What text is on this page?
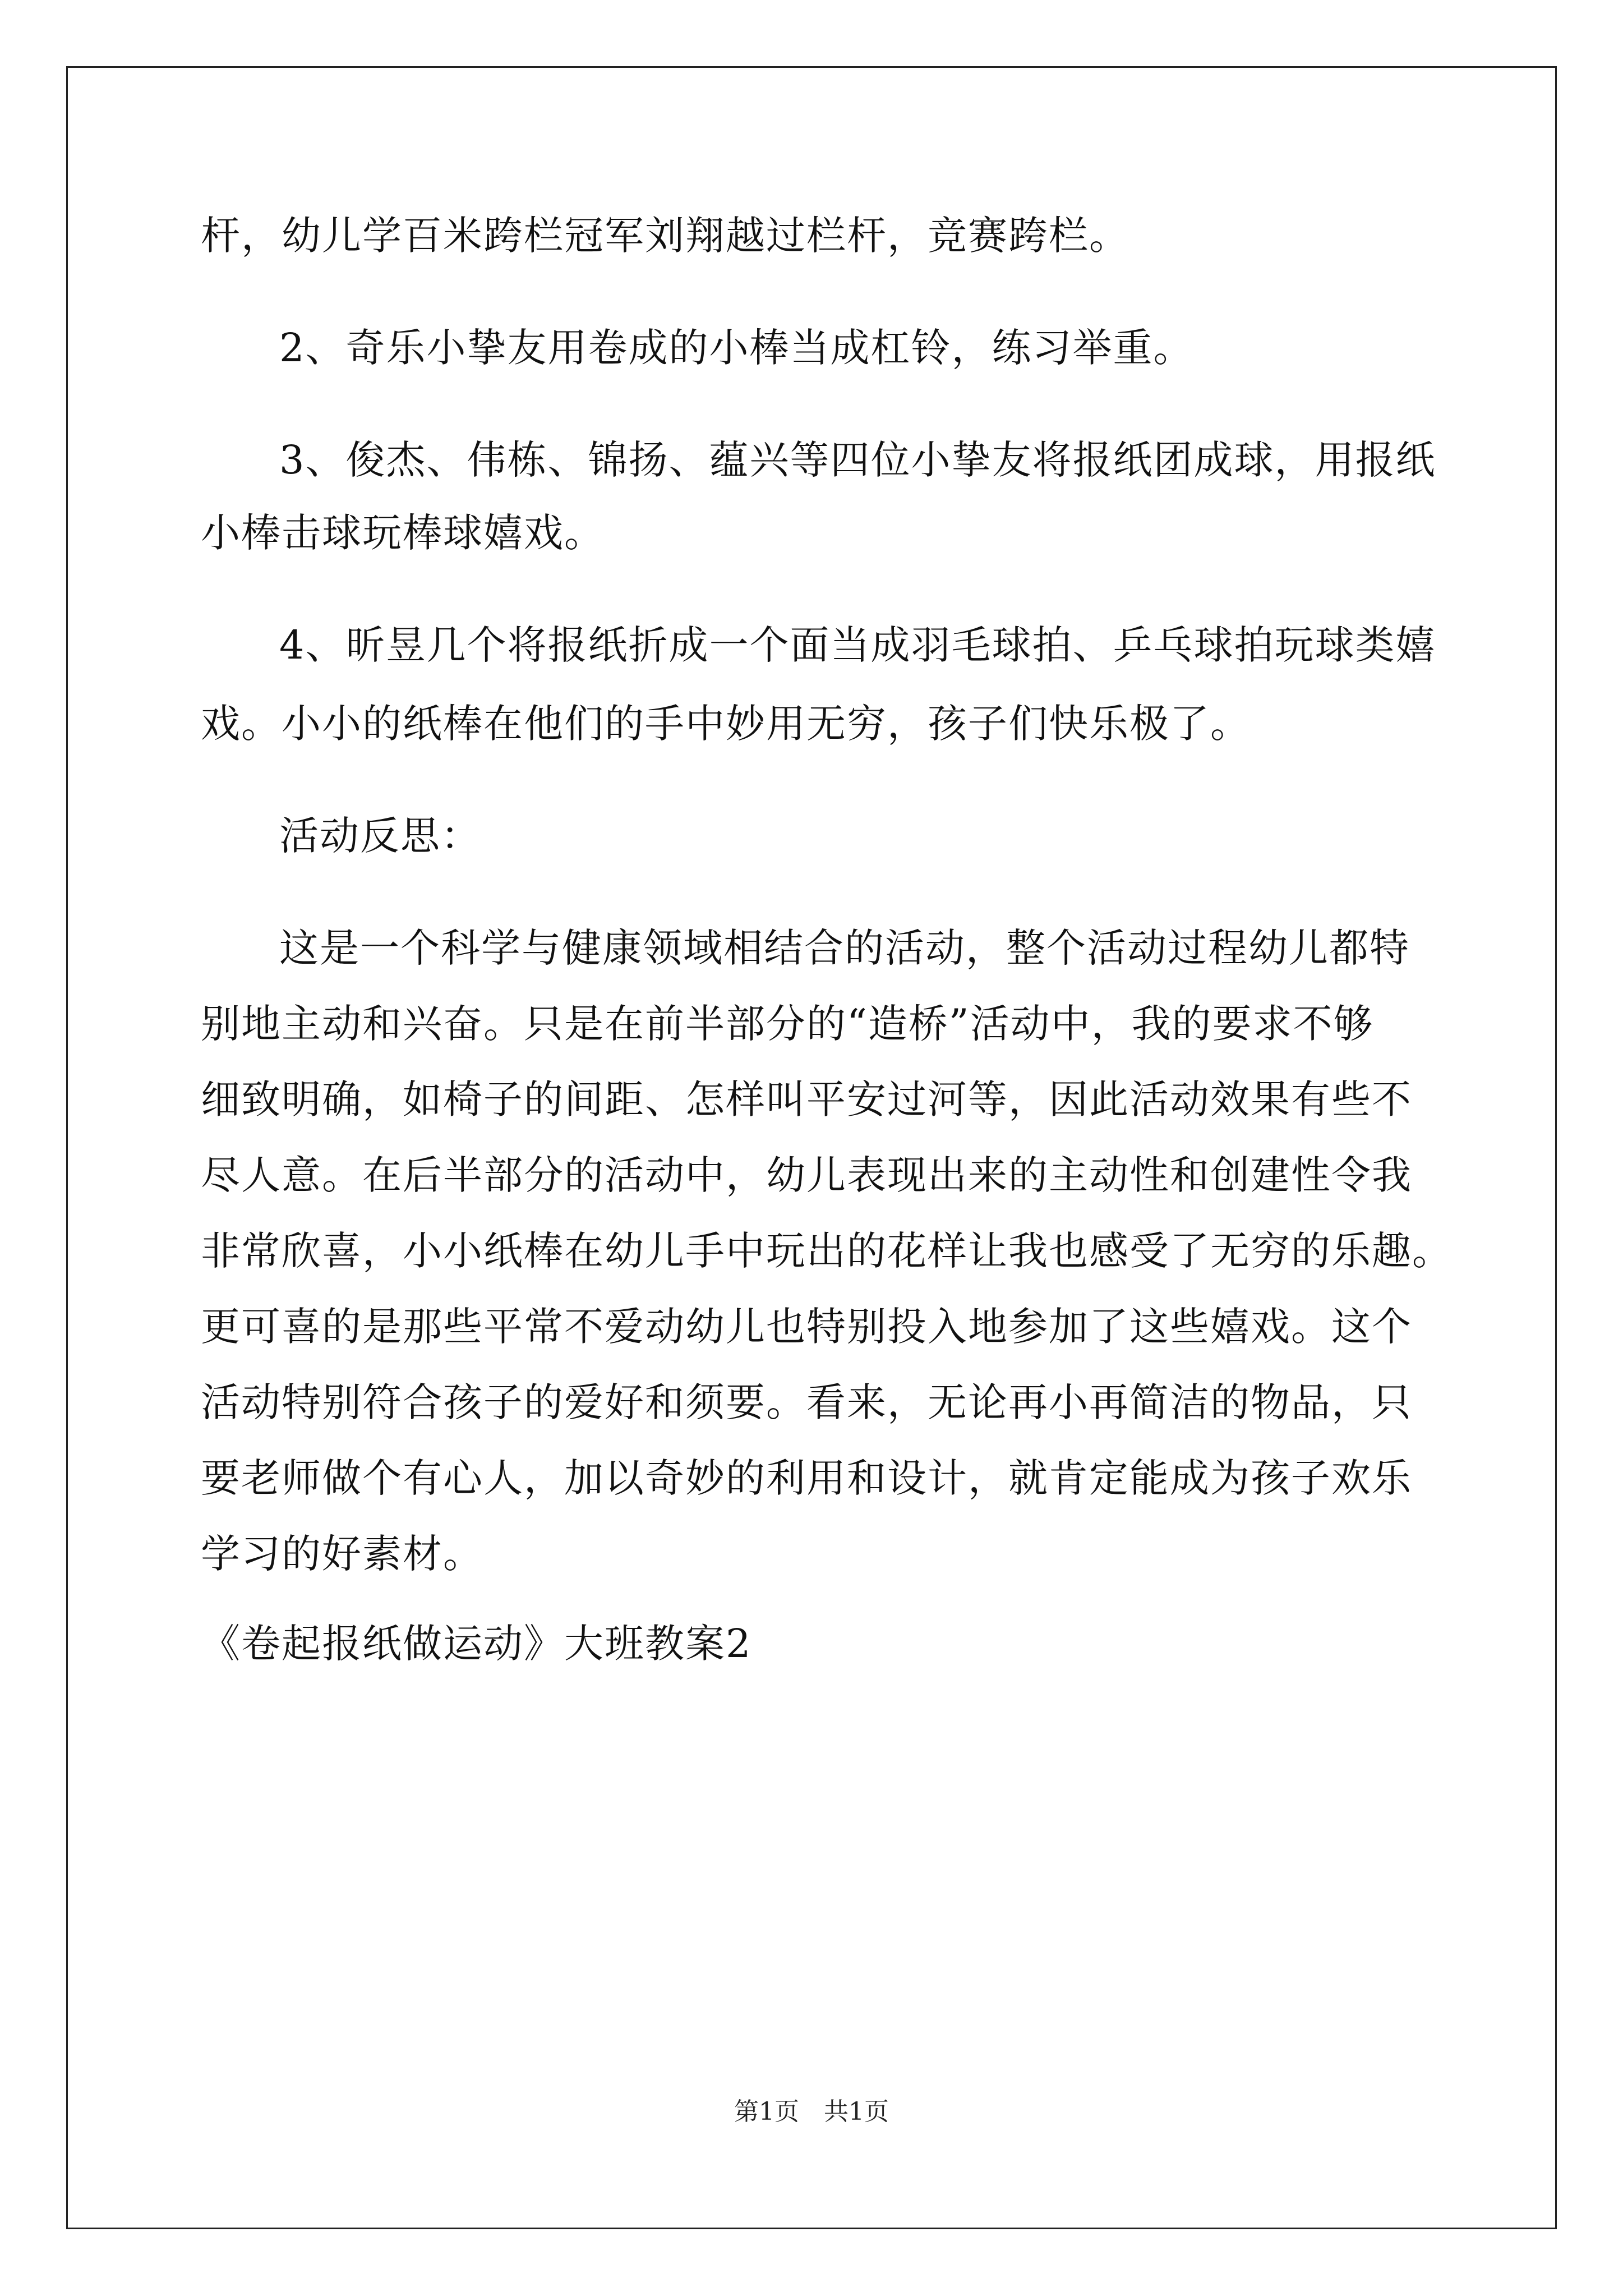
杆，幼儿学百米跨栏冠军刘翔越过栏杆，竞赛跨栏。
2、奇乐小挚友用卷成的小棒当成杠铃，练习举重。
3、俊杰、伟栋、锦扬、蕴兴等四位小挚友将报纸团成球，用报纸
小棒击球玩棒球嬉戏。
4、昕昱几个将报纸折成一个面当成羽毛球拍、乒乓球拍玩球类嬉
戏。小小的纸棒在他们的手中妙用无穷，孩子们快乐极了。
活动反思：
这是一个科学与健康领域相结合的活动，整个活动过程幼儿都特
别地主动和兴奋。只是在前半部分的“造桥”活动中，我的要求不够
细致明确，如椅子的间距、怎样叫平安过河等，因此活动效果有些不
尽人意。在后半部分的活动中，幼儿表现出来的主动性和创建性令我
非常欣喜，小小纸棒在幼儿手中玩出的花样让我也感受了无穷的乐趣。
更可喜的是那些平常不爱动幼儿也特别投入地参加了这些嬉戏。这个
活动特别符合孩子的爱好和须要。看来，无论再小再简洁的物品，只
要老师做个有心人，加以奇妙的利用和设计，就肯定能成为孩子欢乐
学习的好素材。
《卷起报纸做运动》大班教案2
第1页　共1页
